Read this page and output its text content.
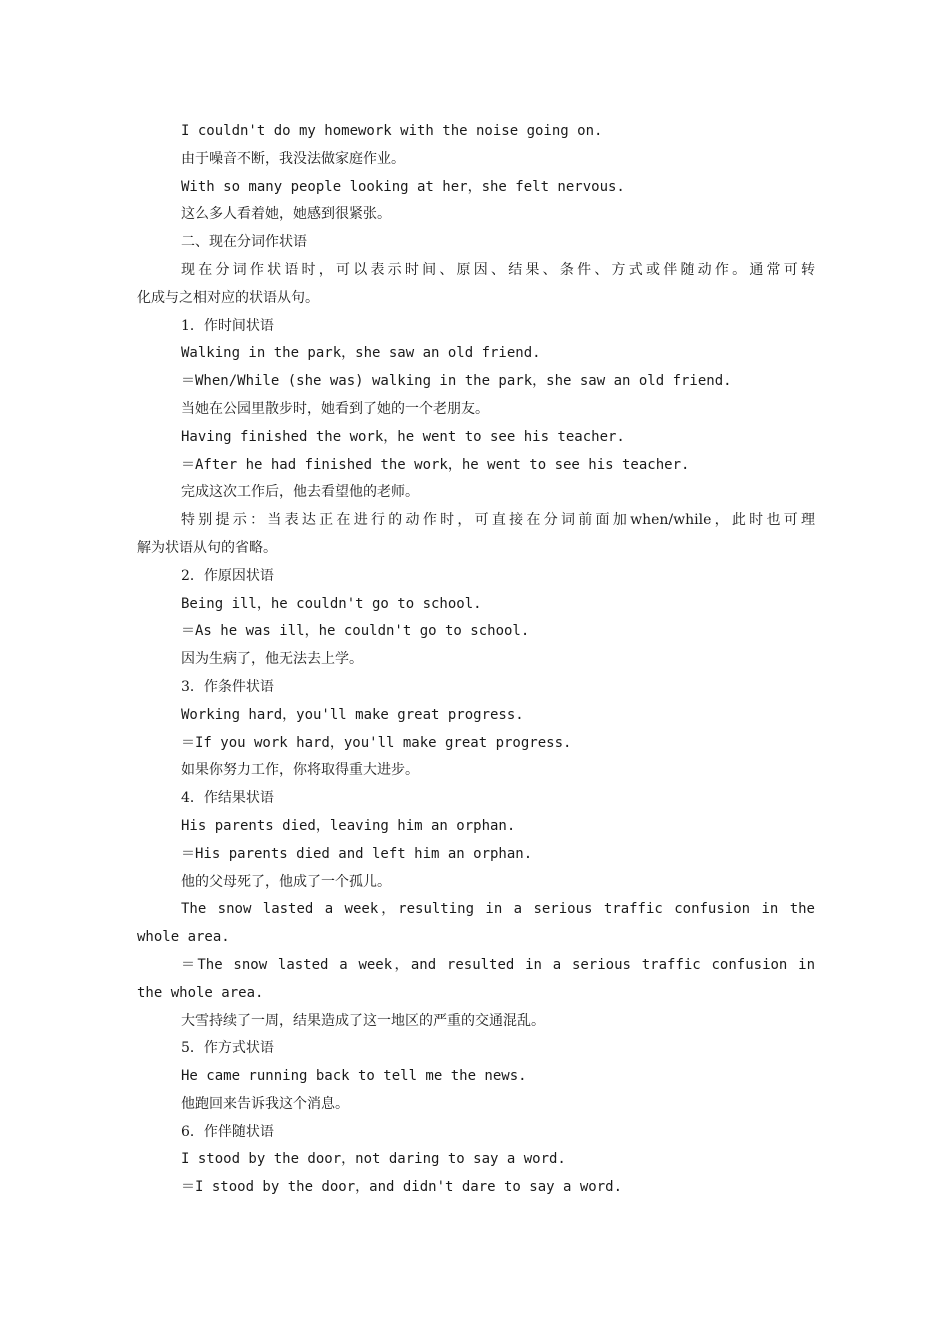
I couldn't do my homework with the noise going on.
由于噪音不断，我没法做家庭作业。
With so many people looking at her，she felt nervous.
这么多人看着她，她感到很紧张。
二、现在分词作状语
现在分词作状语时，可以表示时间、原因、结果、条件、方式或伴随动作。通常可转
化成与之相对应的状语从句。
1．作时间状语
Walking in the park，she saw an old friend.
＝When/While (she was) walking in the park，she saw an old friend.
当她在公园里散步时，她看到了她的一个老朋友。
Having finished the work，he went to see his teacher.
＝After he had finished the work，he went to see his teacher.
完成这次工作后，他去看望他的老师。
特别提示：当表达正在进行的动作时，可直接在分词前面加when/while，此时也可理
解为状语从句的省略。
2．作原因状语
Being ill，he couldn't go to school.
＝As he was ill，he couldn't go to school.
因为生病了，他无法去上学。
3．作条件状语
Working hard，you'll make great progress.
＝If you work hard，you'll make great progress.
如果你努力工作，你将取得重大进步。
4．作结果状语
His parents died，leaving him an orphan.
＝His parents died and left him an orphan.
他的父母死了，他成了一个孤儿。
The snow lasted a week，resulting in a serious traffic confusion in the
whole area.
＝The snow lasted a week，and resulted in a serious traffic confusion in
the whole area.
大雪持续了一周，结果造成了这一地区的严重的交通混乱。
5．作方式状语
He came running back to tell me the news.
他跑回来告诉我这个消息。
6．作伴随状语
I stood by the door，not daring to say a word.
＝I stood by the door，and didn't dare to say a word.
